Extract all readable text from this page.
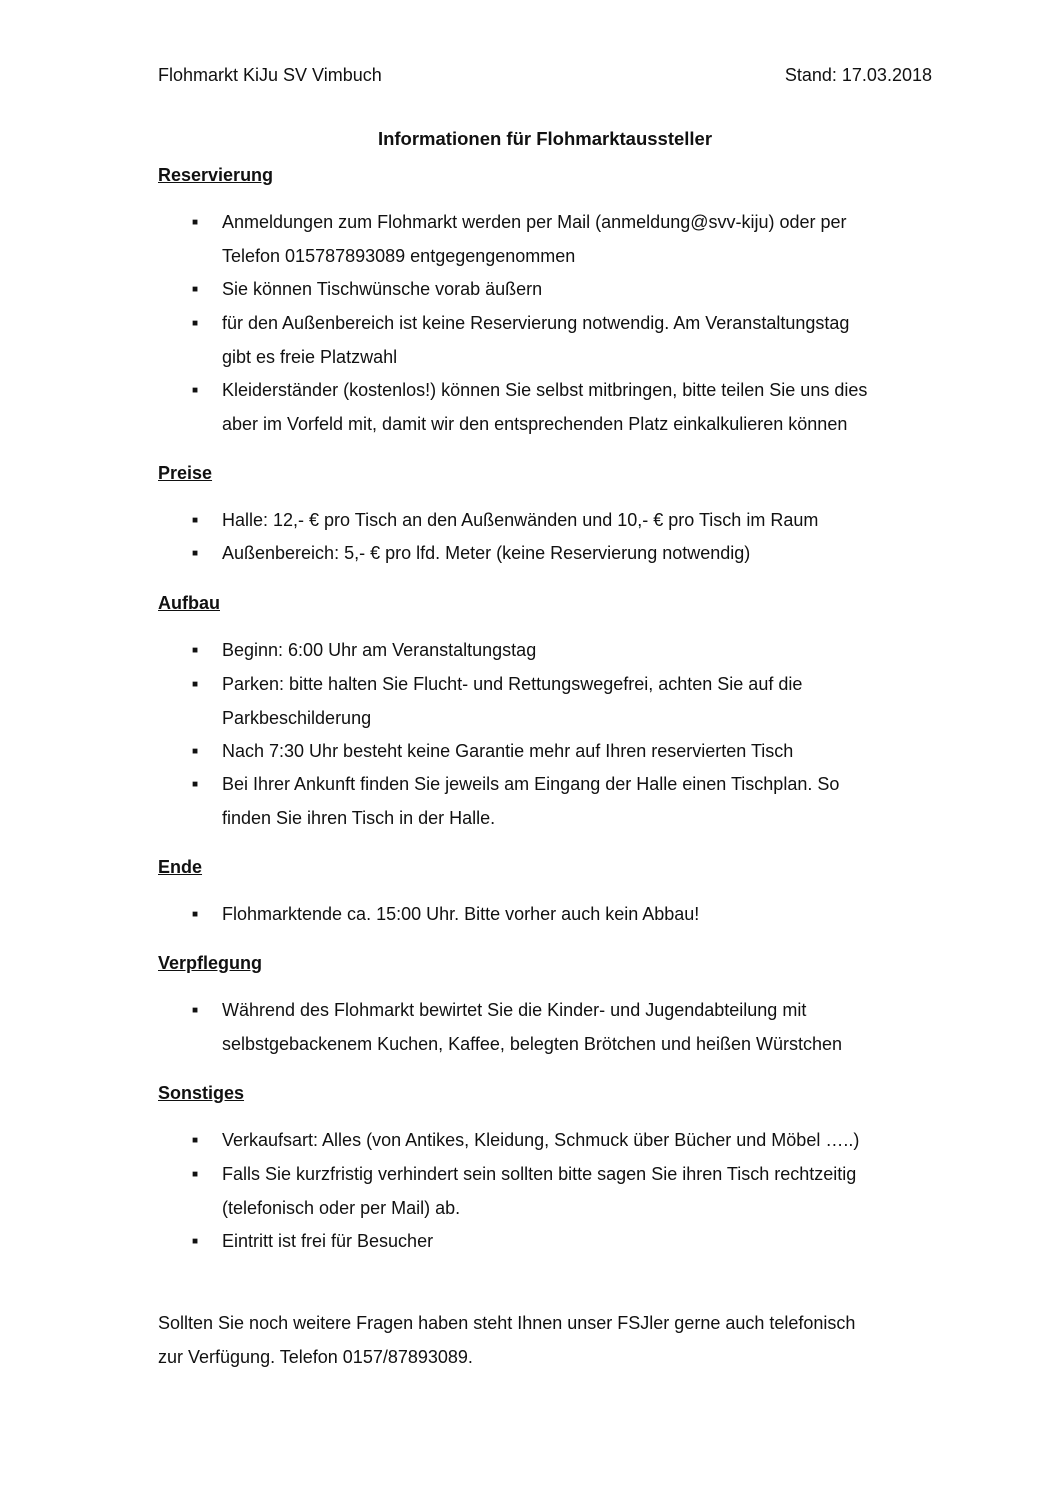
Flohmarkt KiJu SV Vimbuch	Stand: 17.03.2018
Informationen für Flohmarktaussteller
Reservierung
■ Anmeldungen zum Flohmarkt werden per Mail (anmeldung@svv-kiju) oder per
Telefon 015787893089 entgegengenommen
■ Sie können Tischwünsche vorab äußern
■ für den Außenbereich ist keine Reservierung notwendig. Am Veranstaltungstag
gibt es freie Platzwahl
■ Kleiderständer (kostenlos!) können Sie selbst mitbringen, bitte teilen Sie uns dies
aber im Vorfeld mit, damit wir den entsprechenden Platz einkalkulieren können
Preise
■ Halle: 12,- € pro Tisch an den Außenwänden und 10,- € pro Tisch im Raum
■ Außenbereich: 5,- € pro lfd. Meter (keine Reservierung notwendig)
Aufbau
■ Beginn: 6:00 Uhr am Veranstaltungstag
■ Parken: bitte halten Sie Flucht- und Rettungswegefrei, achten Sie auf die
Parkbeschilderung
■ Nach 7:30 Uhr besteht keine Garantie mehr auf Ihren reservierten Tisch
■ Bei Ihrer Ankunft finden Sie jeweils am Eingang der Halle einen Tischplan. So
finden Sie ihren Tisch in der Halle.
Ende
■ Flohmarktende ca. 15:00 Uhr. Bitte vorher auch kein Abbau!
Verpflegung
■ Während des Flohmarkt bewirtet Sie die Kinder- und Jugendabteilung mit
selbstgebackenem Kuchen, Kaffee, belegten Brötchen und heißen Würstchen
Sonstiges
■ Verkaufsart: Alles (von Antikes, Kleidung, Schmuck über Bücher und Möbel …..)
■ Falls Sie kurzfristig verhindert sein sollten bitte sagen Sie ihren Tisch rechtzeitig
(telefonisch oder per Mail) ab.
■ Eintritt ist frei für Besucher
Sollten Sie noch weitere Fragen haben steht Ihnen unser FSJler gerne auch telefonisch
zur Verfügung. Telefon 0157/87893089.
